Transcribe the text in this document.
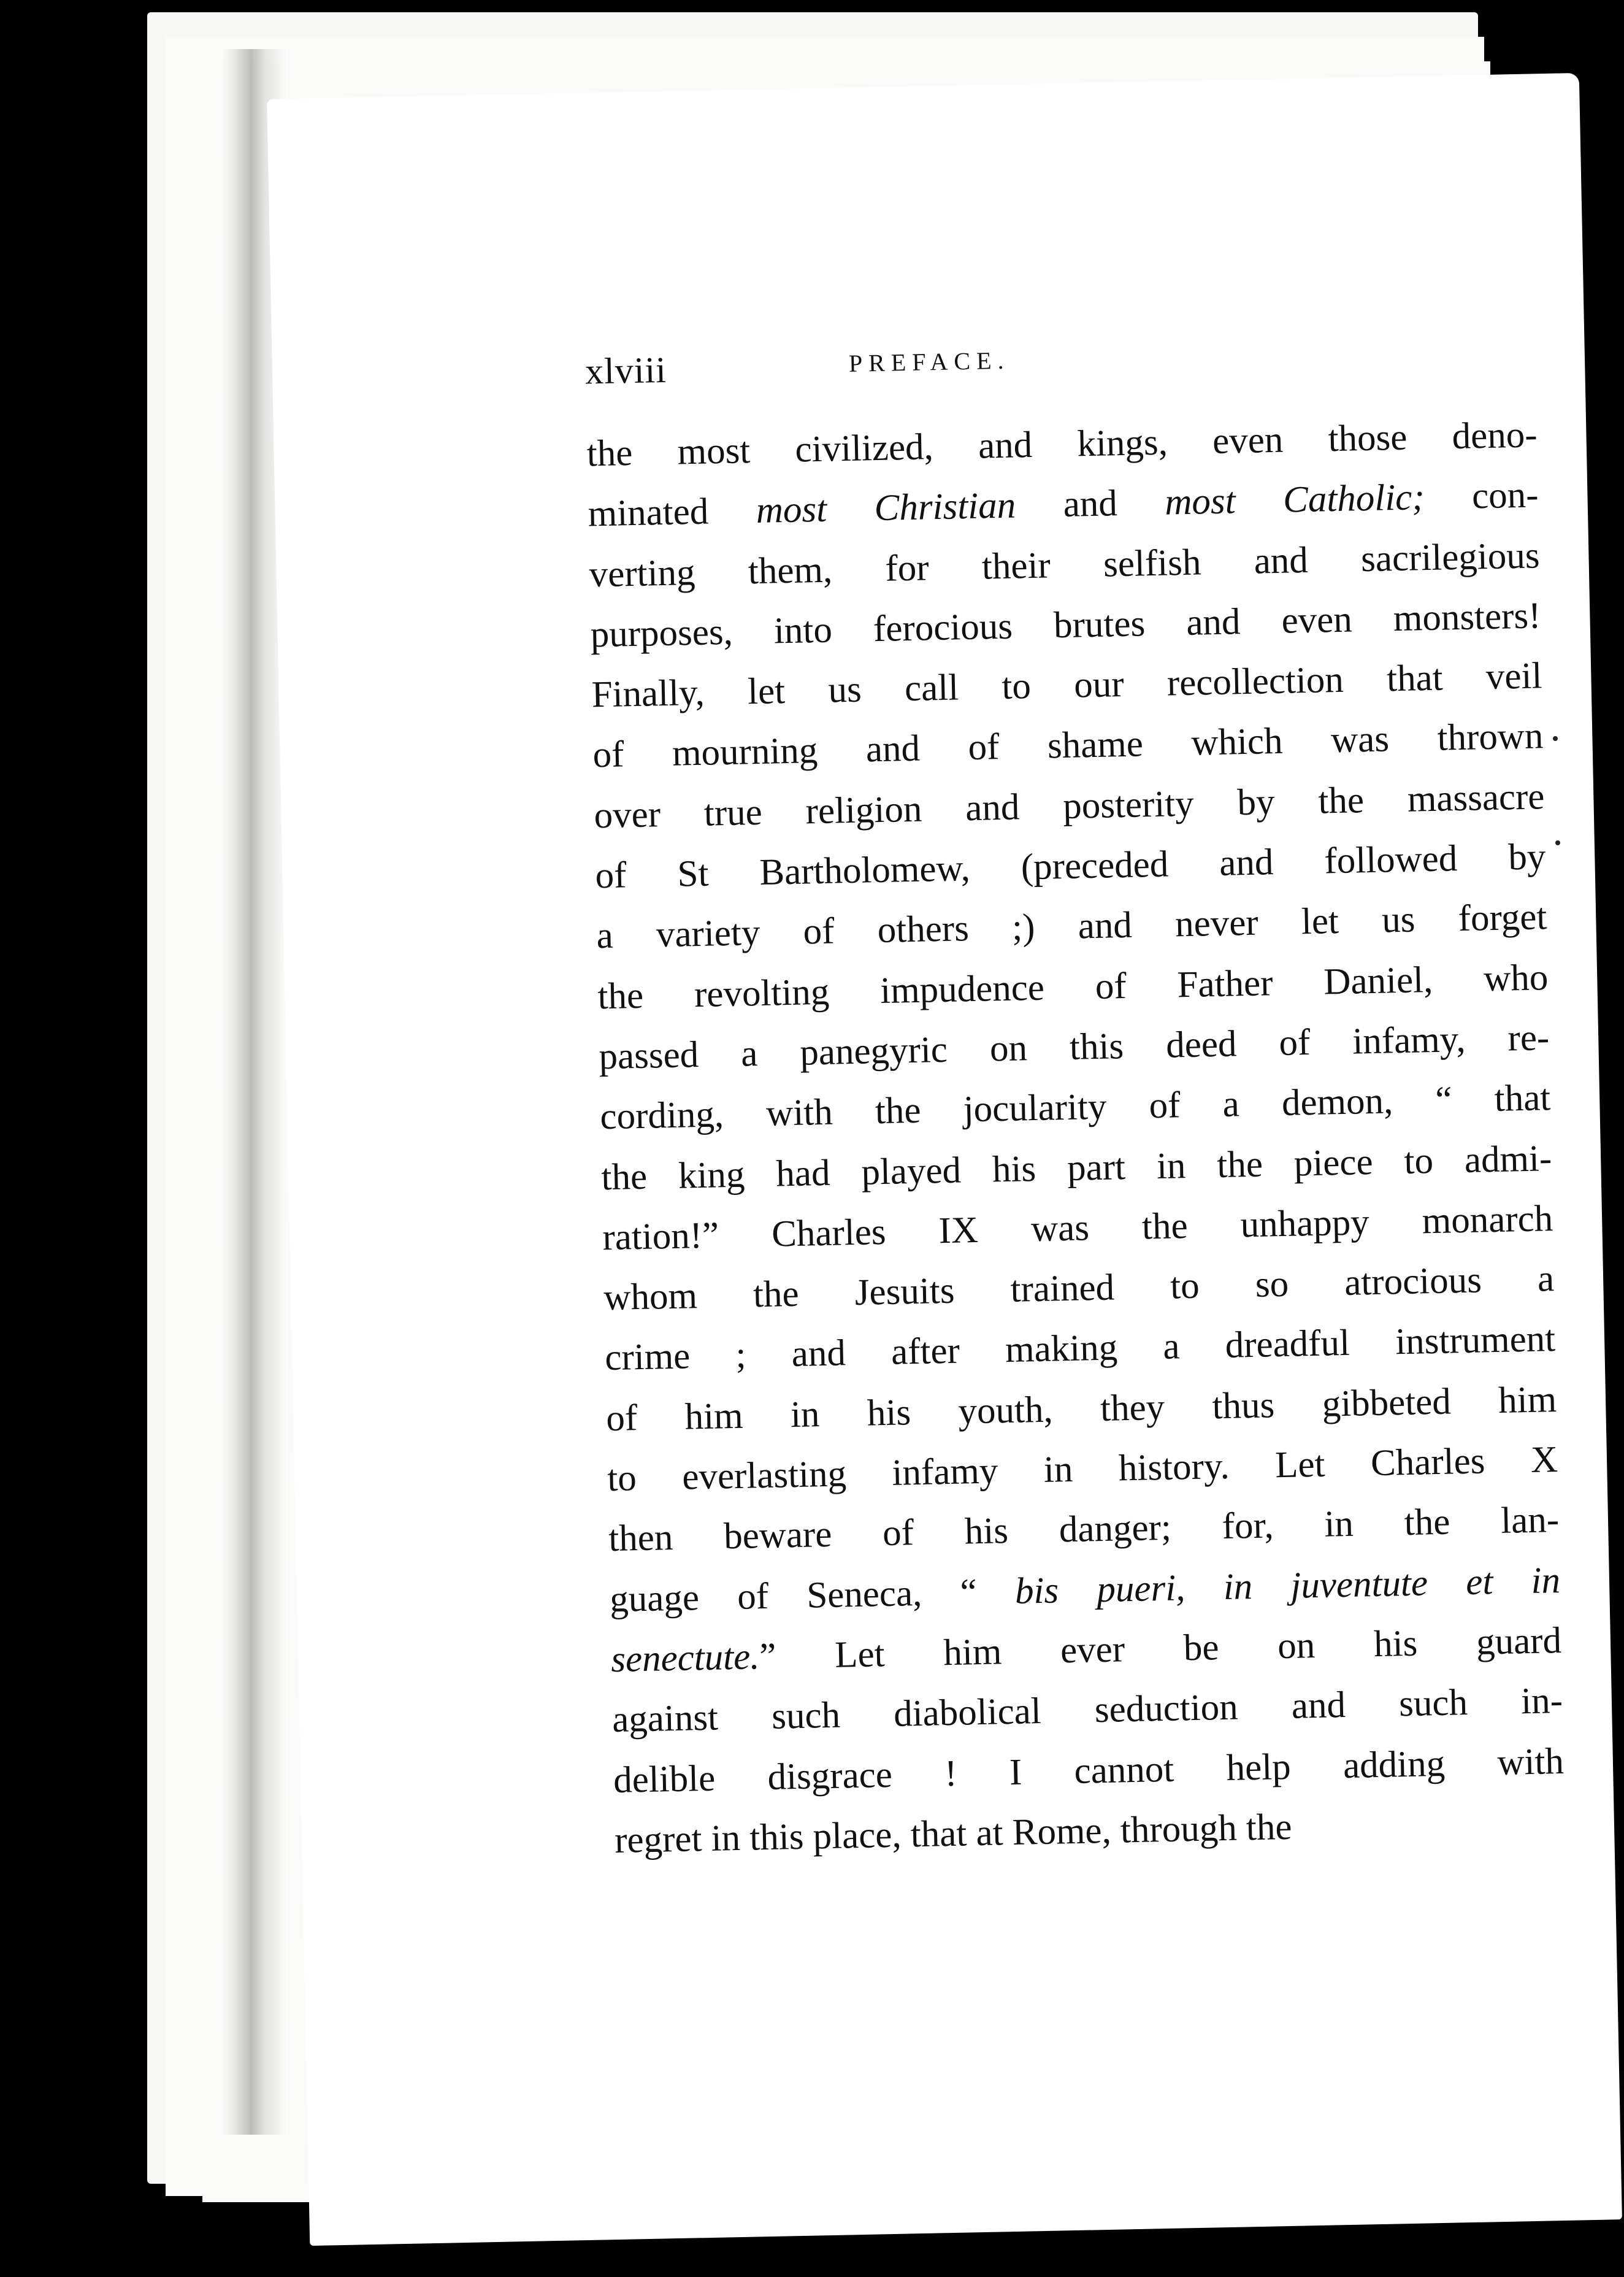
xlviii	PREFACE.
the most civilized, and kings, even those deno-
minated most Christian and most Catholic; con-
verting them, for their selfish and sacrilegious
purposes, into ferocious brutes and even monsters!
Finally, let us call to our recollection that veil
of mourning and of shame which was thrown
over true religion and posterity by the massacre
of St Bartholomew, (preceded and followed by
a variety of others ;) and never let us forget
the revolting impudence of Father Daniel, who
passed a panegyric on this deed of infamy, re-
cording, with the jocularity of a demon, “ that
the king had played his part in the piece to admi-
ration!” Charles IX was the unhappy monarch
whom the Jesuits trained to so atrocious a
crime ; and after making a dreadful instrument
of him in his youth, they thus gibbeted him
to everlasting infamy in history. Let Charles X
then beware of his danger; for, in the lan-
guage of Seneca, “ bis pueri, in juventute et in
senectute.” Let him ever be on his guard
against such diabolical seduction and such in-
delible disgrace ! I cannot help adding with
regret in this place, that at Rome, through the
